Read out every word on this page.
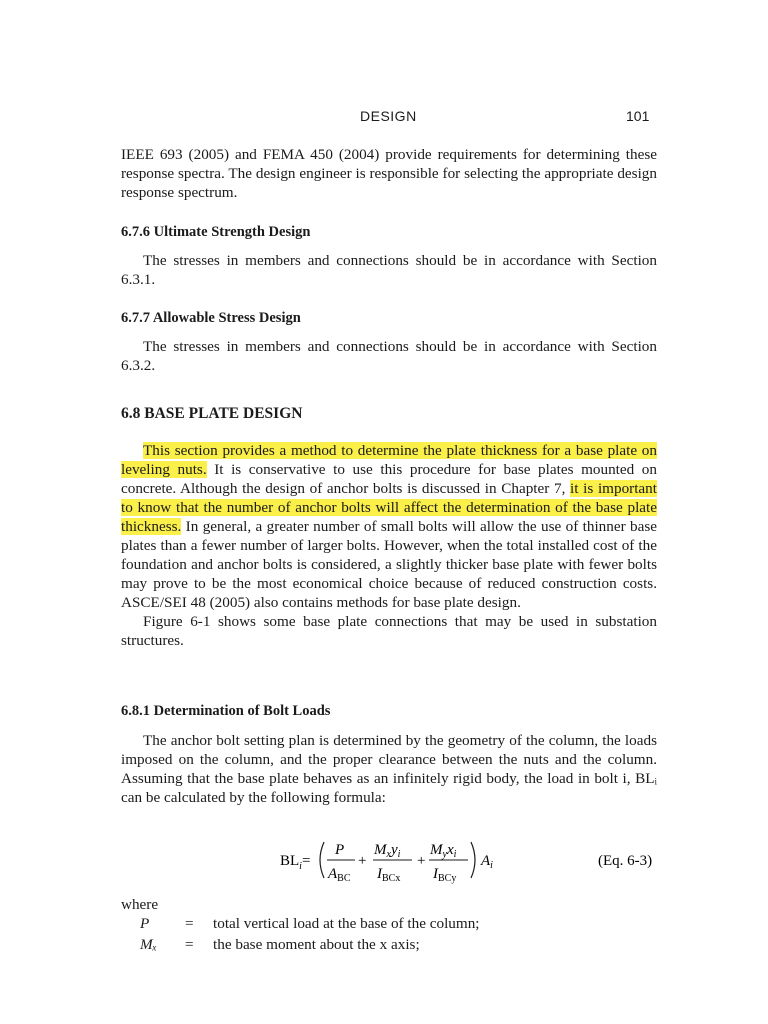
DESIGN	101

IEEE 693 (2005) and FEMA 450 (2004) provide requirements for determining these response spectra. The design engineer is responsible for selecting the appropriate design response spectrum.

6.7.6 Ultimate Strength Design

The stresses in members and connections should be in accordance with Section 6.3.1.

6.7.7 Allowable Stress Design

The stresses in members and connections should be in accordance with Section 6.3.2.

6.8 BASE PLATE DESIGN

This section provides a method to determine the plate thickness for a base plate on leveling nuts. It is conservative to use this procedure for base plates mounted on concrete. Although the design of anchor bolts is discussed in Chapter 7, it is important to know that the number of anchor bolts will affect the determination of the base plate thickness. In general, a greater number of small bolts will allow the use of thinner base plates than a fewer number of larger bolts. However, when the total installed cost of the foundation and anchor bolts is considered, a slightly thicker base plate with fewer bolts may prove to be the most economical choice because of reduced construction costs. ASCE/SEI 48 (2005) also contains methods for base plate design.

Figure 6-1 shows some base plate connections that may be used in substation structures.

6.8.1 Determination of Bolt Loads

The anchor bolt setting plan is determined by the geometry of the column, the loads imposed on the column, and the proper clearance between the nuts and the column. Assuming that the base plate behaves as an infinitely rigid body, the load in bolt i, BLᵢ can be calculated by the following formula:

$BL_i=$
P
$A_{BC}$
+
$M_xy_i$
$I_{BCx}$
+
$M_yx_i$
$I_{BCy}$
$A_i$	(Eq. 6-3)
where
P	=	total vertical load at the base of the column;
Mₓ	=	the base moment about the x axis;
